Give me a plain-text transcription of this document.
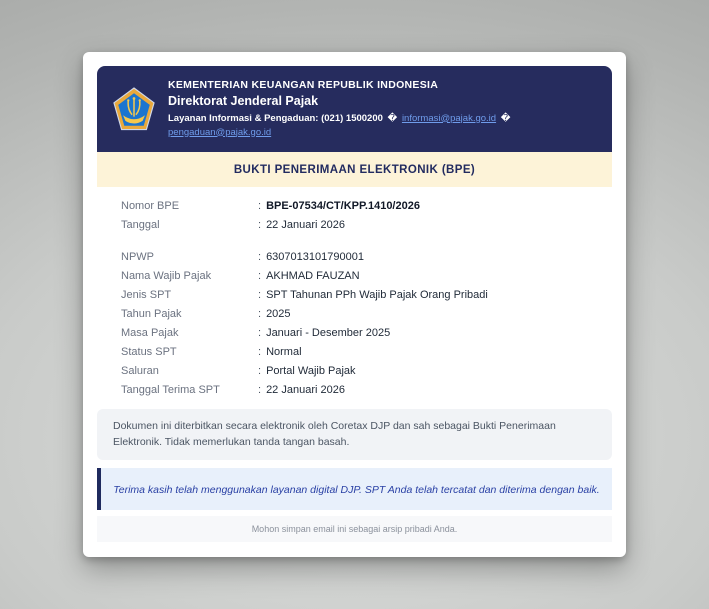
KEMENTERIAN KEUANGAN REPUBLIK INDONESIA
Direktorat Jenderal Pajak
Layanan Informasi & Pengaduan: (021) 1500200 � informasi@pajak.go.id �
pengaduan@pajak.go.id
BUKTI PENERIMAAN ELEKTRONIK (BPE)
Nomor BPE	: BPE-07534/CT/KPP.1410/2026
Tanggal	: 22 Januari 2026
NPWP	: 6307013101790001
Nama Wajib Pajak	: AKHMAD FAUZAN
Jenis SPT	: SPT Tahunan PPh Wajib Pajak Orang Pribadi
Tahun Pajak	: 2025
Masa Pajak	: Januari - Desember 2025
Status SPT	: Normal
Saluran	: Portal Wajib Pajak
Tanggal Terima SPT	: 22 Januari 2026
Dokumen ini diterbitkan secara elektronik oleh Coretax DJP dan sah sebagai Bukti Penerimaan Elektronik. Tidak memerlukan tanda tangan basah.
Terima kasih telah menggunakan layanan digital DJP. SPT Anda telah tercatat dan diterima dengan baik.
Mohon simpan email ini sebagai arsip pribadi Anda.
